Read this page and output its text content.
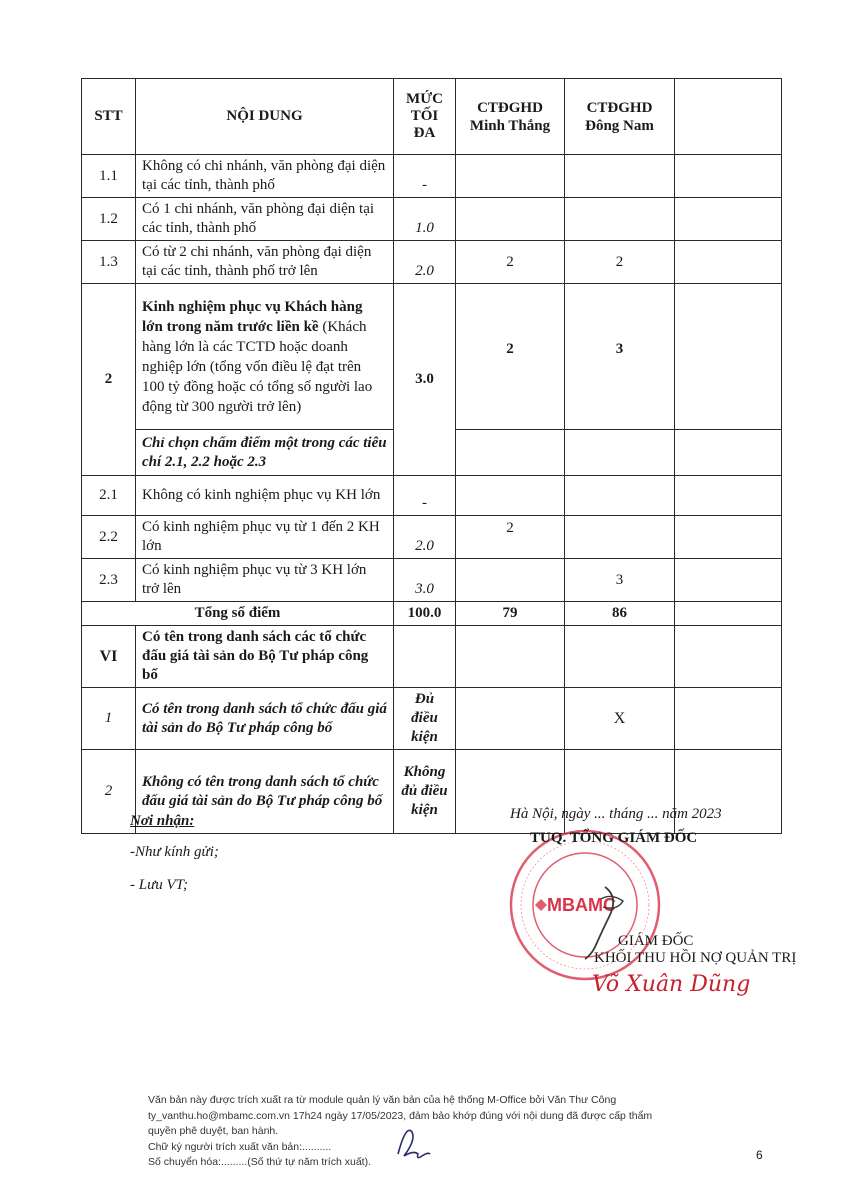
STT	NỘI DUNG	MỨC TỐI ĐA	CTĐGHD Minh Thắng	CTĐGHD Đông Nam	
1.1	Không có chi nhánh, văn phòng đại diện tại các tỉnh, thành phố	-			
1.2	Có 1 chi nhánh, văn phòng đại diện tại các tỉnh, thành phố	1.0			
1.3	Có từ 2 chi nhánh, văn phòng đại diện tại các tỉnh, thành phố trở lên	2.0	2	2	
2	Kinh nghiệm phục vụ Khách hàng lớn trong năm trước liền kề (Khách hàng lớn là các TCTD hoặc doanh nghiệp lớn (tổng vốn điều lệ đạt trên 100 tỷ đồng hoặc có tổng số người lao động từ 300 người trở lên)	3.0	2	3	
	Chỉ chọn chấm điểm một trong các tiêu chí 2.1, 2.2 hoặc 2.3				
2.1	Không có kinh nghiệm phục vụ KH lớn	-			
2.2	Có kinh nghiệm phục vụ từ 1 đến 2 KH lớn	2.0	2		
2.3	Có kinh nghiệm phục vụ từ 3 KH lớn trở lên	3.0		3	
Tổng số điểm		100.0	79	86	
VI	Có tên trong danh sách các tổ chức đấu giá tài sản do Bộ Tư pháp công bố				
1	Có tên trong danh sách tổ chức đấu giá tài sản do Bộ Tư pháp công bố	Đủ điều kiện		X	
2	Không có tên trong danh sách tổ chức đấu giá tài sản do Bộ Tư pháp công bố	Không đủ điều kiện			
Nơi nhận:
-Như kính gửi;
- Lưu VT;
Hà Nội, ngày ... tháng ... năm 2023
MBAMC
TUQ. TỔNG GIÁM ĐỐC
GIÁM ĐỐC
KHỐI THU HỒI NỢ QUẢN TRỊ
Võ Xuân Dũng
Văn bản này được trích xuất ra từ module quản lý văn bản của hệ thống M-Office bởi Văn Thư Công
ty_vanthu.ho@mbamc.com.vn 17h24 ngày 17/05/2023, đảm bảo khớp đúng với nội dung đã được cấp thẩm
quyền phê duyệt, ban hành.
Chữ ký người trích xuất văn bản:..........
Số chuyển hóa:.........(Số thứ tự năm trích xuất).	6
